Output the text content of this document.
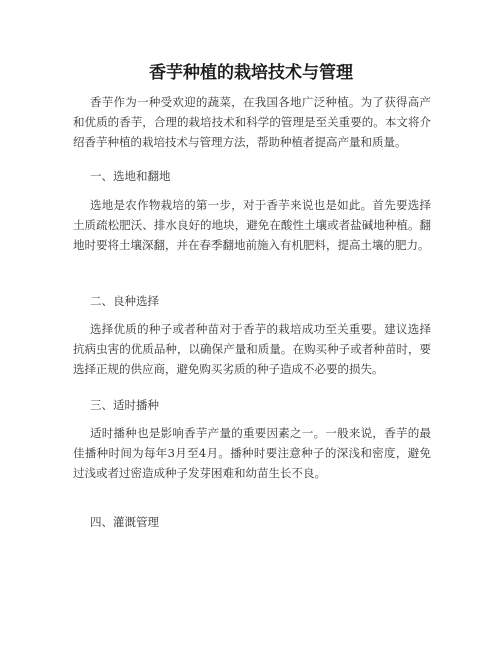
香芋种植的栽培技术与管理
香芋作为一种受欢迎的蔬菜，在我国各地广泛种植。为了获得高产和优质的香芋，合理的栽培技术和科学的管理是至关重要的。本文将介绍香芋种植的栽培技术与管理方法，帮助种植者提高产量和质量。
一、选地和翻地
选地是农作物栽培的第一步，对于香芋来说也是如此。首先要选择土质疏松肥沃、排水良好的地块，避免在酸性土壤或者盐碱地种植。翻地时要将土壤深翻，并在春季翻地前施入有机肥料，提高土壤的肥力。
二、良种选择
选择优质的种子或者种苗对于香芋的栽培成功至关重要。建议选择抗病虫害的优质品种，以确保产量和质量。在购买种子或者种苗时，要选择正规的供应商，避免购买劣质的种子造成不必要的损失。
三、适时播种
适时播种也是影响香芋产量的重要因素之一。一般来说，香芋的最佳播种时间为每年3月至4月。播种时要注意种子的深浅和密度，避免过浅或者过密造成种子发芽困难和幼苗生长不良。
四、灌溉管理
